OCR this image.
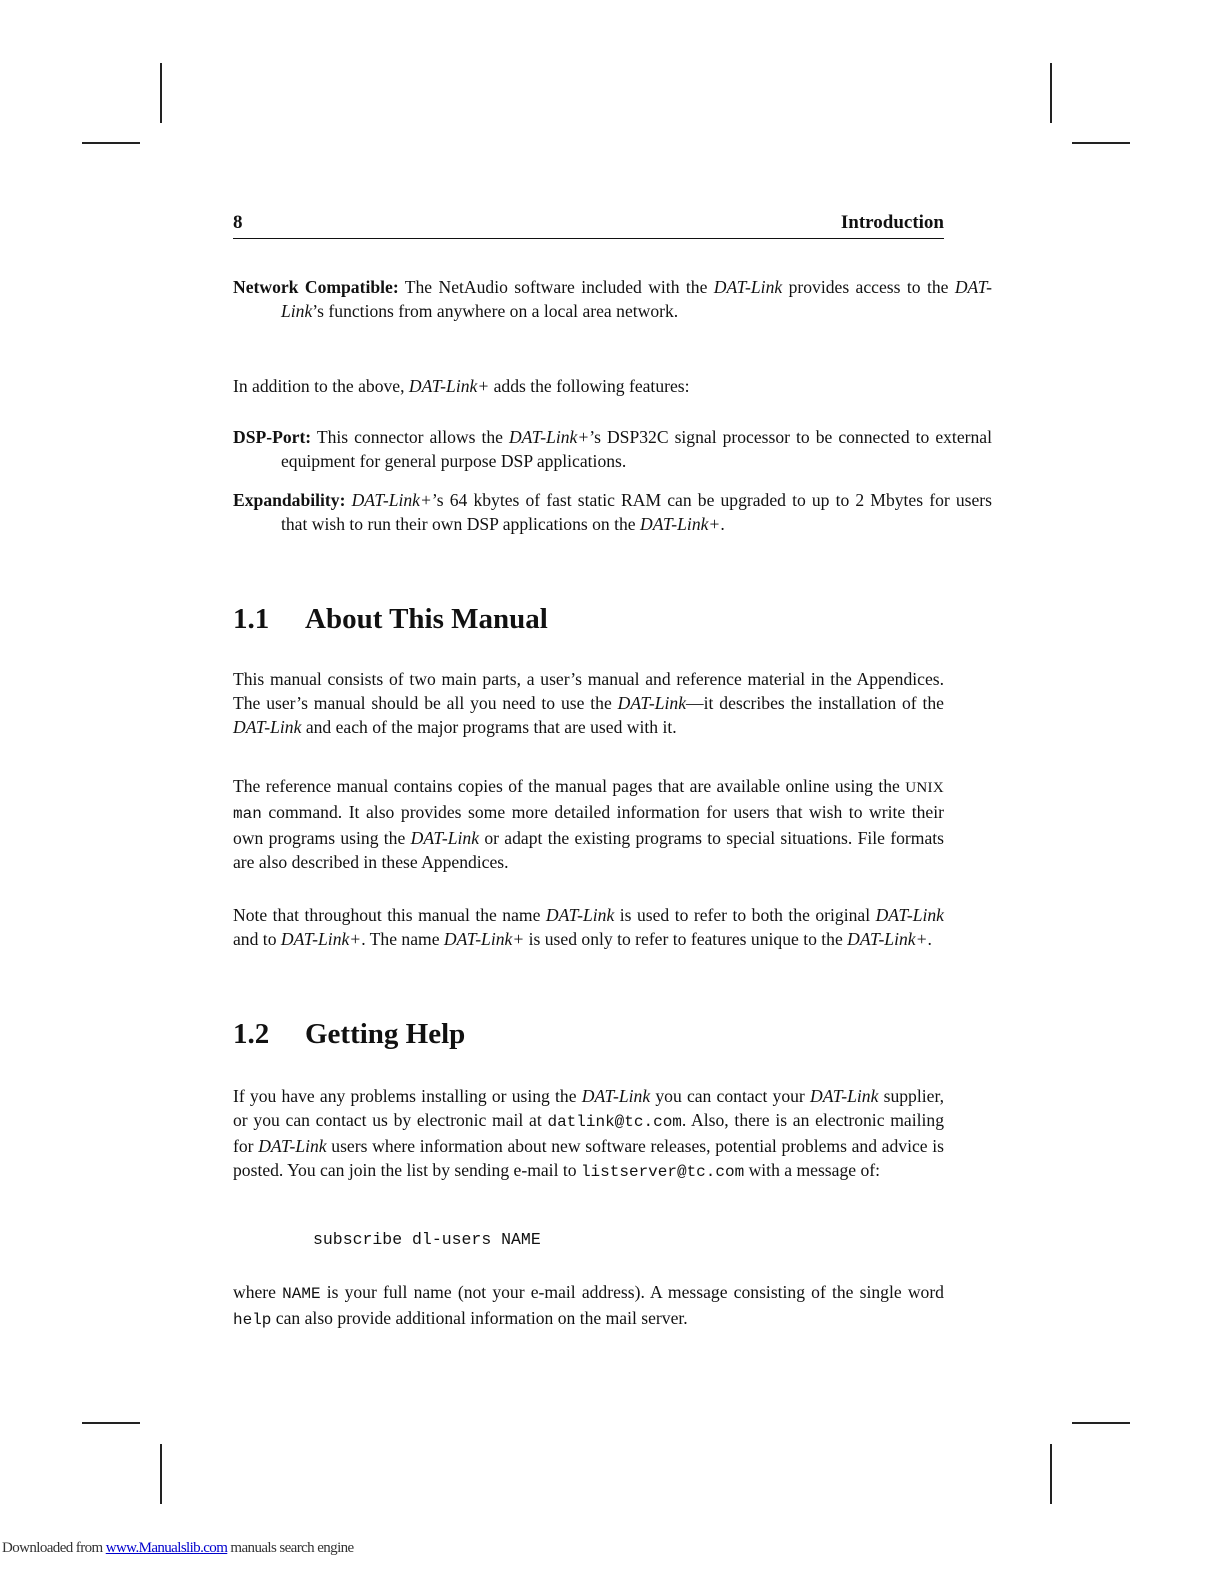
8	Introduction
Network Compatible: The NetAudio software included with the DAT-Link provides access to the DAT-Link’s functions from anywhere on a local area network.
In addition to the above, DAT-Link+ adds the following features:
DSP-Port: This connector allows the DAT-Link+’s DSP32C signal processor to be connected to external equipment for general purpose DSP applications.
Expandability: DAT-Link+’s 64 kbytes of fast static RAM can be upgraded to up to 2 Mbytes for users that wish to run their own DSP applications on the DAT-Link+.
1.1 About This Manual
This manual consists of two main parts, a user’s manual and reference material in the Appendices. The user’s manual should be all you need to use the DAT-Link—it describes the installation of the DAT-Link and each of the major programs that are used with it.
The reference manual contains copies of the manual pages that are available online using the UNIX man command. It also provides some more detailed information for users that wish to write their own programs using the DAT-Link or adapt the existing programs to special situations. File formats are also described in these Appendices.
Note that throughout this manual the name DAT-Link is used to refer to both the original DAT-Link and to DAT-Link+. The name DAT-Link+ is used only to refer to features unique to the DAT-Link+.
1.2 Getting Help
If you have any problems installing or using the DAT-Link you can contact your DAT-Link supplier, or you can contact us by electronic mail at datlink@tc.com. Also, there is an electronic mailing for DAT-Link users where information about new software releases, potential problems and advice is posted. You can join the list by sending e-mail to listserver@tc.com with a message of:
subscribe dl-users NAME
where NAME is your full name (not your e-mail address). A message consisting of the single word help can also provide additional information on the mail server.
Downloaded from www.Manualslib.com manuals search engine
